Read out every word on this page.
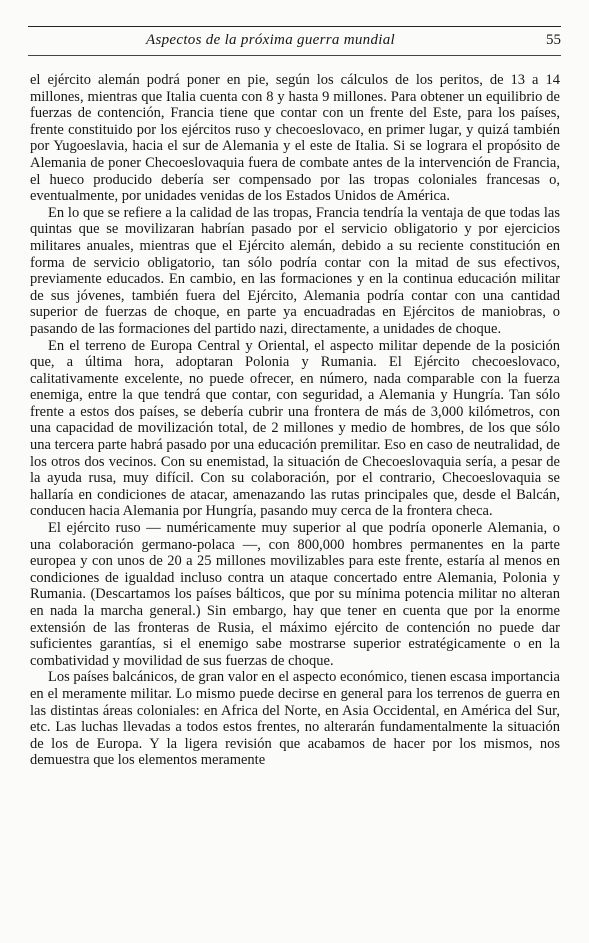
Aspectos de la próxima guerra mundial	55

el ejército alemán podrá poner en pie, según los cálculos de los peritos, de 13 a 14 millones, mientras que Italia cuenta con 8 y hasta 9 millones. Para obtener un equilibrio de fuerzas de contención, Francia tiene que contar con un frente del Este, para los países, frente constituido por los ejércitos ruso y checoeslovaco, en primer lugar, y quizá también por Yugoeslavia, hacia el sur de Alemania y el este de Italia. Si se lograra el propósito de Alemania de poner Checoeslovaquia fuera de combate antes de la intervención de Francia, el hueco producido debería ser compensado por las tropas coloniales francesas o, eventualmente, por unidades venidas de los Estados Unidos de América.

En lo que se refiere a la calidad de las tropas, Francia tendría la ventaja de que todas las quintas que se movilizaran habrían pasado por el servicio obligatorio y por ejercicios militares anuales, mientras que el Ejército alemán, debido a su reciente constitución en forma de servicio obligatorio, tan sólo podría contar con la mitad de sus efectivos, previamente educados. En cambio, en las formaciones y en la continua educación militar de sus jóvenes, también fuera del Ejército, Alemania podría contar con una cantidad superior de fuerzas de choque, en parte ya encuadradas en Ejércitos de maniobras, o pasando de las formaciones del partido nazi, directamente, a unidades de choque.

En el terreno de Europa Central y Oriental, el aspecto militar depende de la posición que, a última hora, adoptaran Polonia y Rumania. El Ejército checoeslovaco, calitativamente excelente, no puede ofrecer, en número, nada comparable con la fuerza enemiga, entre la que tendrá que contar, con seguridad, a Alemania y Hungría. Tan sólo frente a estos dos países, se debería cubrir una frontera de más de 3,000 kilómetros, con una capacidad de movilización total, de 2 millones y medio de hombres, de los que sólo una tercera parte habrá pasado por una educación premilitar. Eso en caso de neutralidad, de los otros dos vecinos. Con su enemistad, la situación de Checoeslovaquia sería, a pesar de la ayuda rusa, muy difícil. Con su colaboración, por el contrario, Checoeslovaquia se hallaría en condiciones de atacar, amenazando las rutas principales que, desde el Balcán, conducen hacia Alemania por Hungría, pasando muy cerca de la frontera checa.

El ejército ruso — numéricamente muy superior al que podría oponerle Alemania, o una colaboración germano-polaca —, con 800,000 hombres permanentes en la parte europea y con unos de 20 a 25 millones movilizables para este frente, estaría al menos en condiciones de igualdad incluso contra un ataque concertado entre Alemania, Polonia y Rumania. (Descartamos los países bálticos, que por su mínima potencia militar no alteran en nada la marcha general.) Sin embargo, hay que tener en cuenta que por la enorme extensión de las fronteras de Rusia, el máximo ejército de contención no puede dar suficientes garantías, si el enemigo sabe mostrarse superior estratégicamente o en la combatividad y movilidad de sus fuerzas de choque.

Los países balcánicos, de gran valor en el aspecto económico, tienen escasa importancia en el meramente militar. Lo mismo puede decirse en general para los terrenos de guerra en las distintas áreas coloniales: en Africa del Norte, en Asia Occidental, en América del Sur, etc. Las luchas llevadas a todos estos frentes, no alterarán fundamentalmente la situación de los de Europa. Y la ligera revisión que acabamos de hacer por los mismos, nos demuestra que los elementos meramente
